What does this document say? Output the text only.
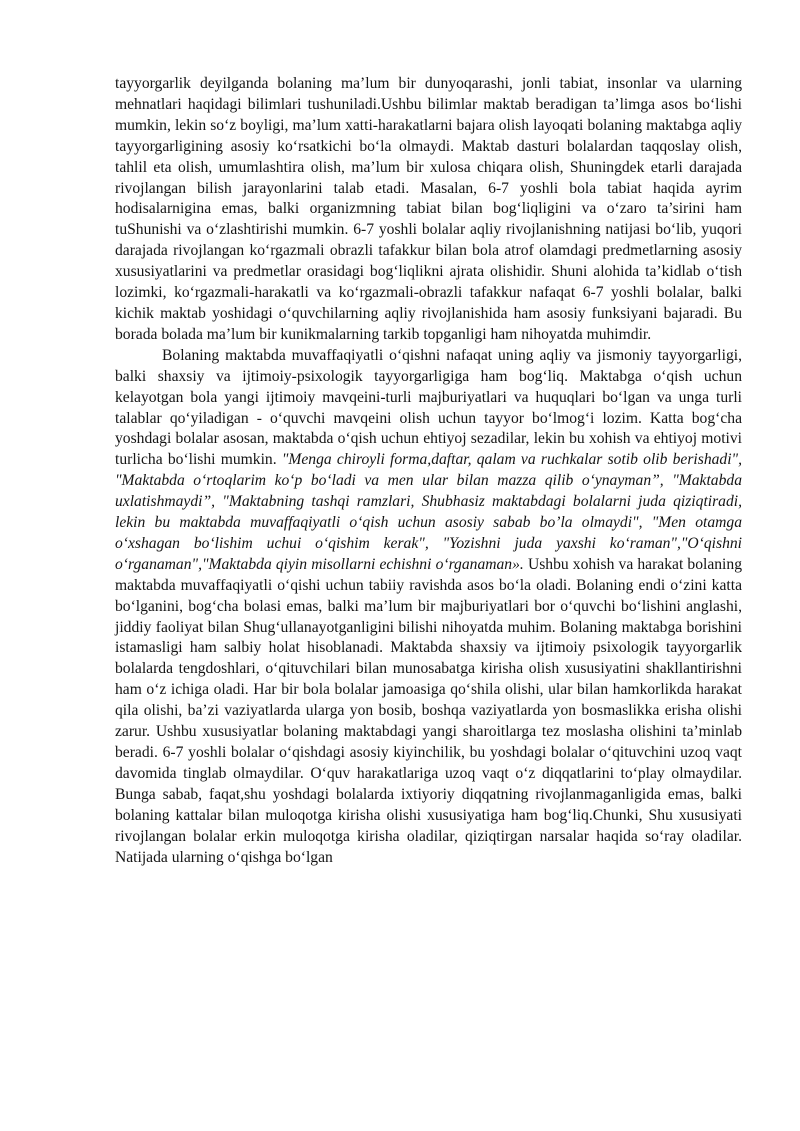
tayyorgarlik deyilganda bolaning ma’lum bir dunyoqarashi, jonli tabiat, insonlar va ularning mehnatlari haqidagi bilimlari tushuniladi.Ushbu bilimlar maktab beradigan ta’limga asos bo‘lishi mumkin, lekin so‘z boyligi, ma’lum xatti-harakatlarni bajara olish layoqati bolaning maktabga aqliy tayyorgarligining asosiy ko‘rsatkichi bo‘la olmaydi. Maktab dasturi bolalardan taqqoslay olish, tahlil eta olish, umumlashtira olish, ma’lum bir xulosa chiqara olish, Shuningdek etarli darajada rivojlangan bilish jarayonlarini talab etadi. Masalan, 6-7 yoshli bola tabiat haqida ayrim hodisalarnigina emas, balki organizmning tabiat bilan bog‘liqligini va o‘zaro ta’sirini ham tuShunishi va o‘zlashtirishi mumkin. 6-7 yoshli bolalar aqliy rivojlanishning natijasi bo‘lib, yuqori darajada rivojlangan ko‘rgazmali obrazli tafakkur bilan bola atrof olamdagi predmetlarning asosiy xususiyatlarini va predmetlar orasidagi bog‘liqlikni ajrata olishidir. Shuni alohida ta’kidlab o‘tish lozimki, ko‘rgazmali-harakatli va ko‘rgazmali-obrazli tafakkur nafaqat 6-7 yoshli bolalar, balki kichik maktab yoshidagi o‘quvchilarning aqliy rivojlanishida ham asosiy funksiyani bajaradi. Bu borada bolada ma’lum bir kunikmalarning tarkib topganligi ham nihoyatda muhimdir.

Bolaning maktabda muvaffaqiyatli o‘qishni nafaqat uning aqliy va jismoniy tayyorgarligi, balki shaxsiy va ijtimoiy-psixologik tayyorgarligiga ham bog‘liq. Maktabga o‘qish uchun kelayotgan bola yangi ijtimoiy mavqeini-turli majburiyatlari va huquqlari bo‘lgan va unga turli talablar qo‘yiladigan - o‘quvchi mavqeini olish uchun tayyor bo‘lmog‘i lozim. Katta bog‘cha yoshdagi bolalar asosan, maktabda o‘qish uchun ehtiyoj sezadilar, lekin bu xohish va ehtiyoj motivi turlicha bo‘lishi mumkin. "Menga chiroyli forma,daftar, qalam va ruchkalar sotib olib berishadi", "Maktabda o‘rtoqlarim ko‘p bo‘ladi va men ular bilan mazza qilib o‘ynayman”, "Maktabda uxlatishmaydi”, "Maktabning tashqi ramzlari, Shubhasiz maktabdagi bolalarni juda qiziqtiradi, lekin bu maktabda muvaffaqiyatli o‘qish uchun asosiy sabab bo’la olmaydi", "Men otamga o‘xshagan bo‘lishim uchui o‘qishim kerak", "Yozishni juda yaxshi ko‘raman","O‘qishni o‘rganaman","Maktabda qiyin misollarni echishni o‘rganaman». Ushbu xohish va harakat bolaning maktabda muvaffaqiyatli o‘qishi uchun tabiiy ravishda asos bo‘la oladi. Bolaning endi o‘zini katta bo‘lganini, bog‘cha bolasi emas, balki ma’lum bir majburiyatlari bor o‘quvchi bo‘lishini anglashi, jiddiy faoliyat bilan Shug‘ullanayotganligini bilishi nihoyatda muhim. Bolaning maktabga borishini istamasligi ham salbiy holat hisoblanadi. Maktabda shaxsiy va ijtimoiy psixologik tayyorgarlik bolalarda tengdoshlari, o‘qituvchilari bilan munosabatga kirisha olish xususiyatini shakllantirishni ham o‘z ichiga oladi. Har bir bola bolalar jamoasiga qo‘shila olishi, ular bilan hamkorlikda harakat qila olishi, ba’zi vaziyatlarda ularga yon bosib, boshqa vaziyatlarda yon bosmaslikka erisha olishi zarur. Ushbu xususiyatlar bolaning maktabdagi yangi sharoitlarga tez moslasha olishini ta’minlab beradi. 6-7 yoshli bolalar o‘qishdagi asosiy kiyinchilik, bu yoshdagi bolalar o‘qituvchini uzoq vaqt davomida tinglab olmaydilar. O‘quv harakatlariga uzoq vaqt o‘z diqqatlarini to‘play olmaydilar. Bunga sabab, faqat,shu yoshdagi bolalarda ixtiyoriy diqqatning rivojlanmaganligida emas, balki bolaning kattalar bilan muloqotga kirisha olishi xususiyatiga ham bog‘liq.Chunki, Shu xususiyati rivojlangan bolalar erkin muloqotga kirisha oladilar, qiziqtirgan narsalar haqida so‘ray oladilar. Natijada ularning o‘qishga bo‘lgan
